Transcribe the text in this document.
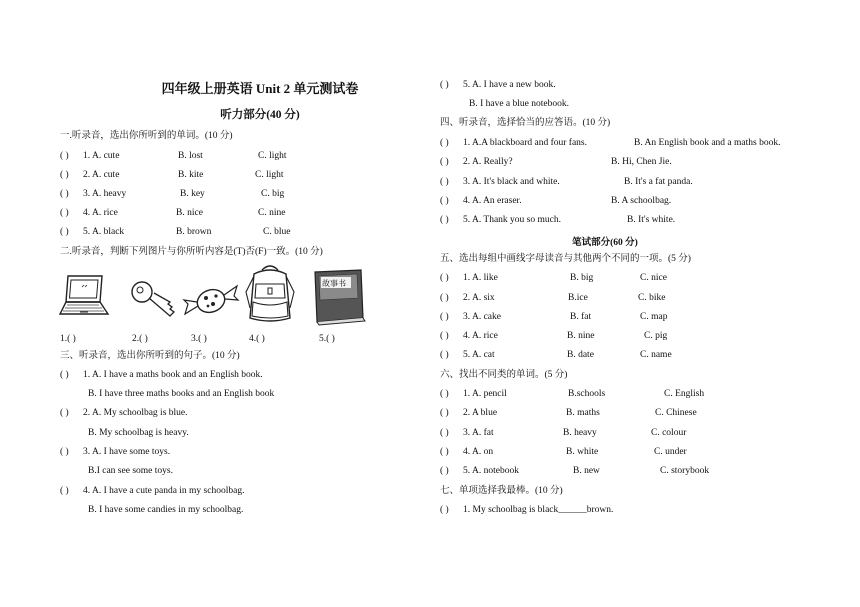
四年级上册英语 Unit 2 单元测试卷
听力部分(40 分)
一.听录音，选出你所听到的单词。(10 分)
( ) 1. A. cute	B. lost	C. light
( ) 2. A. cute	B. kite	C. light
( ) 3. A. heavy	B. key	C. big
( ) 4. A. rice	B. nice	C. nine
( ) 5. A. black	B. brown	C. blue
二.听录音，判断下列图片与你所听内容是(T)否(F)一致。(10 分)
故事书
1.( )	2.( )	3.( )	4.( )	5.( )
三、听录音，选出你所听到的句子。(10 分)
( ) 1. A. I have a maths book and an English book.
B. I have three maths books and an English book
( ) 2. A. My schoolbag is blue.
B. My schoolbag is heavy.
( ) 3. A. I have some toys.
B.I can see some toys.
( ) 4. A. I have a cute panda in my schoolbag.
B. I have some candies in my schoolbag.
( ) 5. A. I have a new book.
B. I have a blue notebook.
四、听录音，选择恰当的应答语。(10 分)
( ) 1. A.A blackboard and four fans.	B. An English book and a maths book.
( ) 2. A. Really?	B. Hi, Chen Jie.
( ) 3. A. It's black and white.	B. It's a fat panda.
( ) 4. A. An eraser.	B. A schoolbag.
( ) 5. A. Thank you so much.	B. It's white.
笔试部分(60 分)
五、选出每组中画线字母读音与其他两个不同的一项。(5 分)
( ) 1. A. like	B. big	C. nice
( ) 2. A. six	B.ice	C. bike
( ) 3. A. cake	B. fat	C. map
( ) 4. A. rice	B. nine	C. pig
( ) 5. A. cat	B. date	C. name
六、找出不同类的单词。(5 分)
( ) 1. A. pencil	B.schools	C. English
( ) 2. A blue	B. maths	C. Chinese
( ) 3. A. fat	B. heavy	C. colour
( ) 4. A. on	B. white	C. under
( ) 5. A. notebook	B. new	C. storybook
七、单项选择我最棒。(10 分)
( ) 1. My schoolbag is black______brown.
